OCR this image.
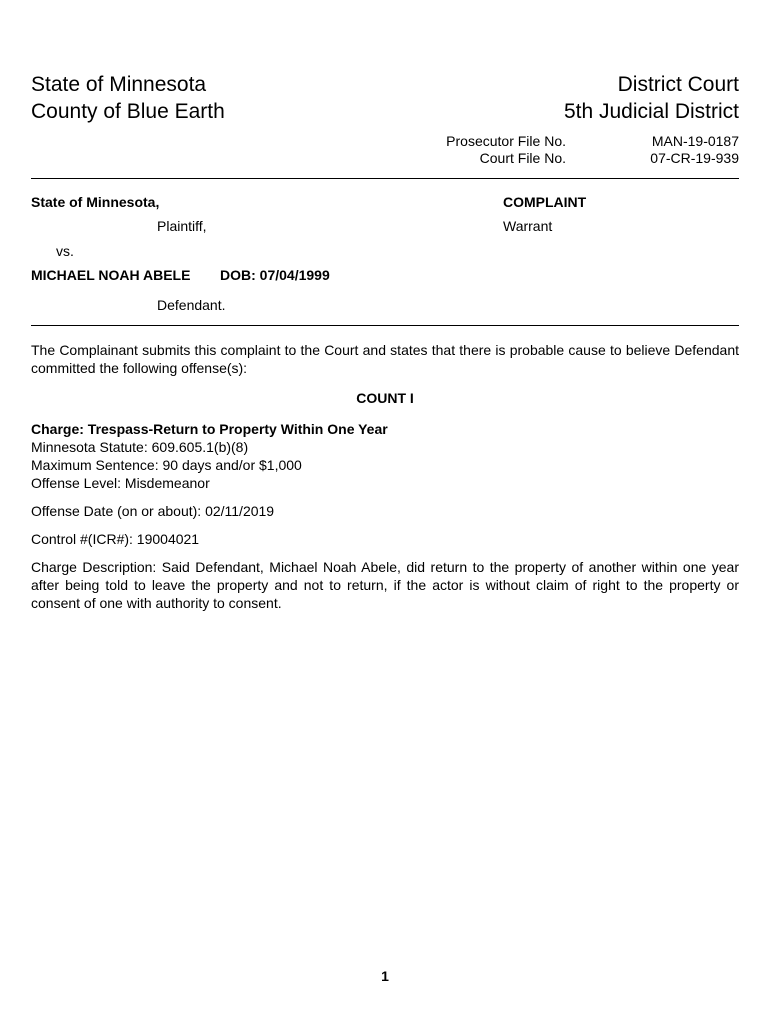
State of Minnesota
County of Blue Earth
District Court
5th Judicial District
Prosecutor File No.	MAN-19-0187
Court File No.	07-CR-19-939
State of Minnesota,	COMPLAINT
Plaintiff,	Warrant
vs.
MICHAEL NOAH ABELE DOB: 07/04/1999
Defendant.
The Complainant submits this complaint to the Court and states that there is probable cause to believe Defendant committed the following offense(s):
COUNT I
Charge: Trespass-Return to Property Within One Year
Minnesota Statute: 609.605.1(b)(8)
Maximum Sentence: 90 days and/or $1,000
Offense Level: Misdemeanor
Offense Date (on or about): 02/11/2019
Control #(ICR#): 19004021
Charge Description: Said Defendant, Michael Noah Abele, did return to the property of another within one year after being told to leave the property and not to return, if the actor is without claim of right to the property or consent of one with authority to consent.
1
